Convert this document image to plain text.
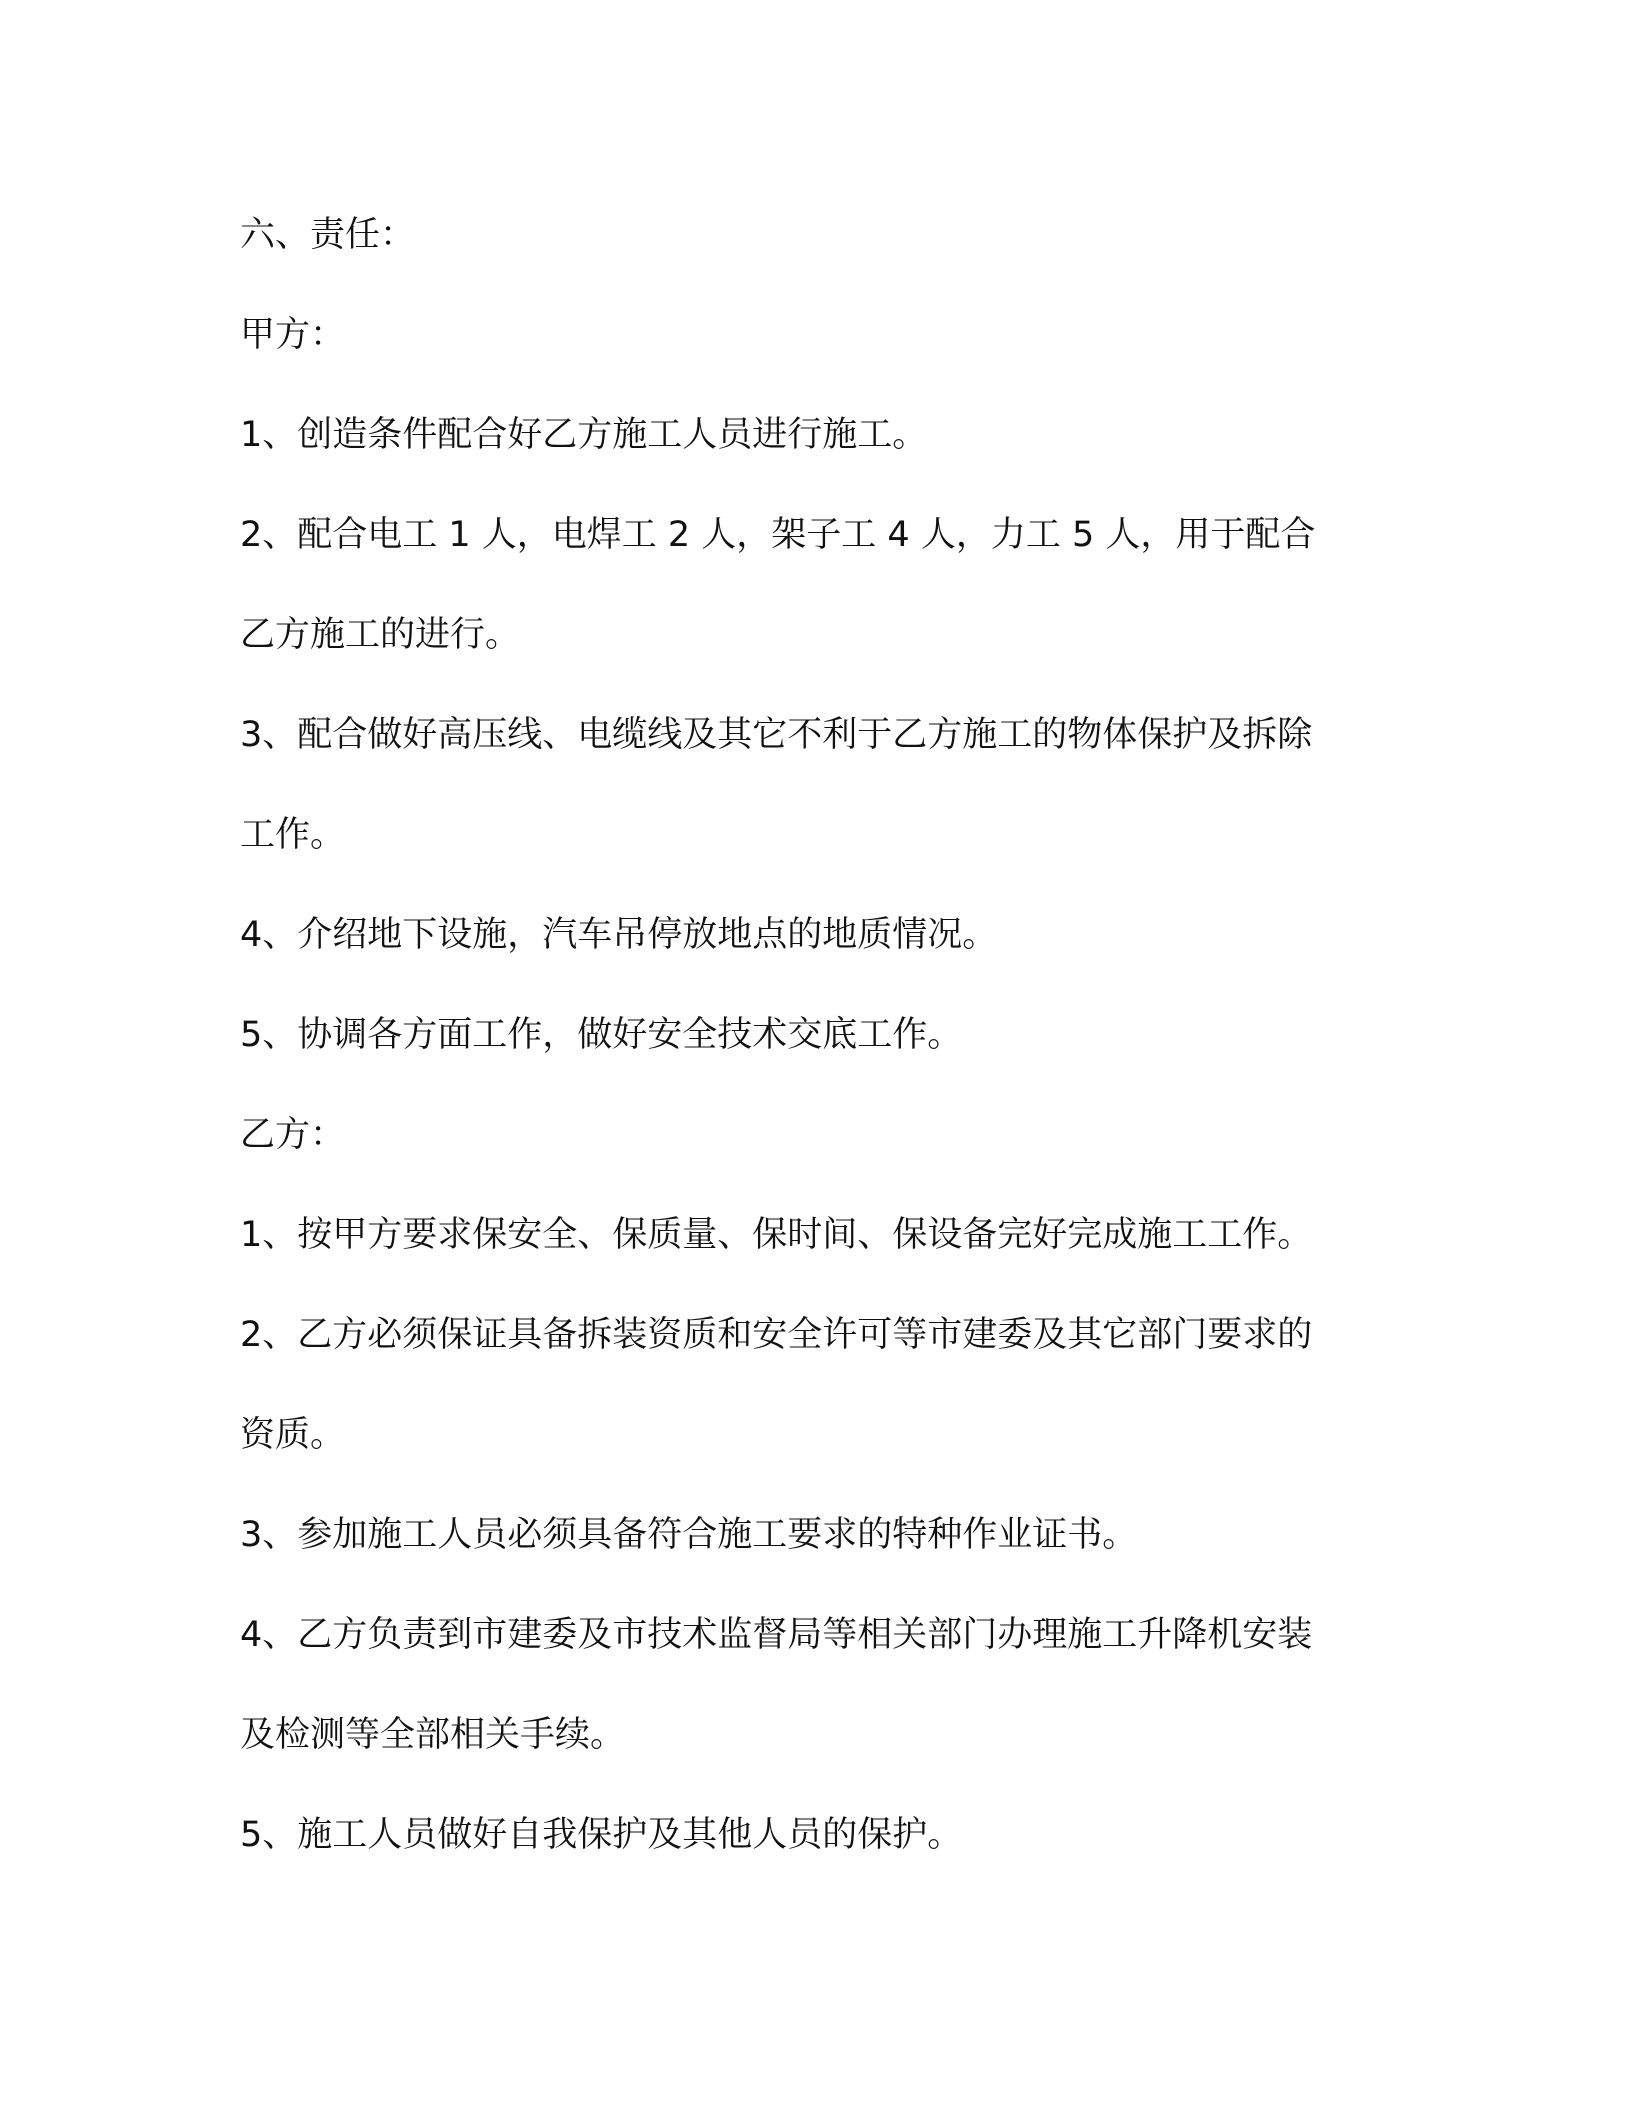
六、责任：

甲方：

1、创造条件配合好乙方施工人员进行施工。

2、配合电工 1 人，电焊工 2 人，架子工 4 人，力工 5 人，用于配合

乙方施工的进行。

3、配合做好高压线、电缆线及其它不利于乙方施工的物体保护及拆除

工作。

4、介绍地下设施，汽车吊停放地点的地质情况。

5、协调各方面工作，做好安全技术交底工作。

乙方：

1、按甲方要求保安全、保质量、保时间、保设备完好完成施工工作。

2、乙方必须保证具备拆装资质和安全许可等市建委及其它部门要求的

资质。

3、参加施工人员必须具备符合施工要求的特种作业证书。

4、乙方负责到市建委及市技术监督局等相关部门办理施工升降机安装

及检测等全部相关手续。

5、施工人员做好自我保护及其他人员的保护。
